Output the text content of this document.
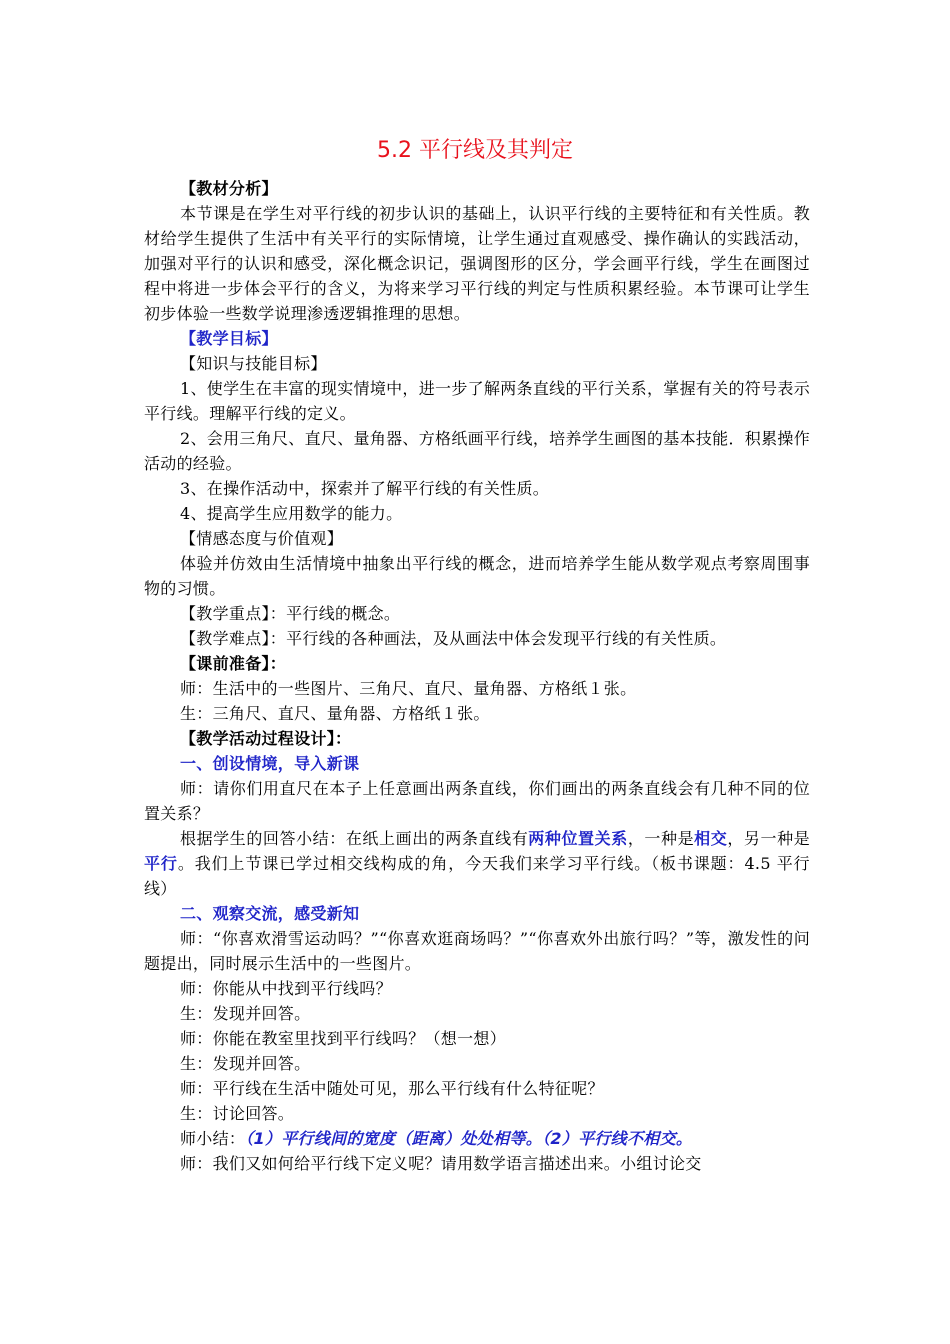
5.2 平行线及其判定

【教材分析】

本节课是在学生对平行线的初步认识的基础上，认识平行线的主要特征和有关性质。教材给学生提供了生活中有关平行的实际情境，让学生通过直观感受、操作确认的实践活动，加强对平行的认识和感受，深化概念识记，强调图形的区分，学会画平行线，学生在画图过程中将进一步体会平行的含义，为将来学习平行线的判定与性质积累经验。本节课可让学生初步体验一些数学说理渗透逻辑推理的思想。

【教学目标】

【知识与技能目标】

1、使学生在丰富的现实情境中，进一步了解两条直线的平行关系，掌握有关的符号表示平行线。理解平行线的定义。

2、会用三角尺、直尺、量角器、方格纸画平行线，培养学生画图的基本技能．积累操作活动的经验。

3、在操作活动中，探索并了解平行线的有关性质。

4、提高学生应用数学的能力。

【情感态度与价值观】

体验并仿效由生活情境中抽象出平行线的概念，进而培养学生能从数学观点考察周围事物的习惯。

【教学重点】：平行线的概念。

【教学难点】：平行线的各种画法，及从画法中体会发现平行线的有关性质。

【课前准备】：

师：生活中的一些图片、三角尺、直尺、量角器、方格纸１张。

生：三角尺、直尺、量角器、方格纸１张。

【教学活动过程设计】：

一、创设情境，导入新课

师：请你们用直尺在本子上任意画出两条直线，你们画出的两条直线会有几种不同的位置关系？

根据学生的回答小结：在纸上画出的两条直线有两种位置关系，一种是相交，另一种是平行。我们上节课已学过相交线构成的角，今天我们来学习平行线。（板书课题：4.5 平行线）

二、观察交流，感受新知

师：“你喜欢滑雪运动吗？”“你喜欢逛商场吗？”“你喜欢外出旅行吗？”等，激发性的问题提出，同时展示生活中的一些图片。

师：你能从中找到平行线吗？

生：发现并回答。

师：你能在教室里找到平行线吗？（想一想）

生：发现并回答。

师：平行线在生活中随处可见，那么平行线有什么特征呢？

生：讨论回答。

师小结：（1）平行线间的宽度（距离）处处相等。（2）平行线不相交。

师：我们又如何给平行线下定义呢？请用数学语言描述出来。小组讨论交
